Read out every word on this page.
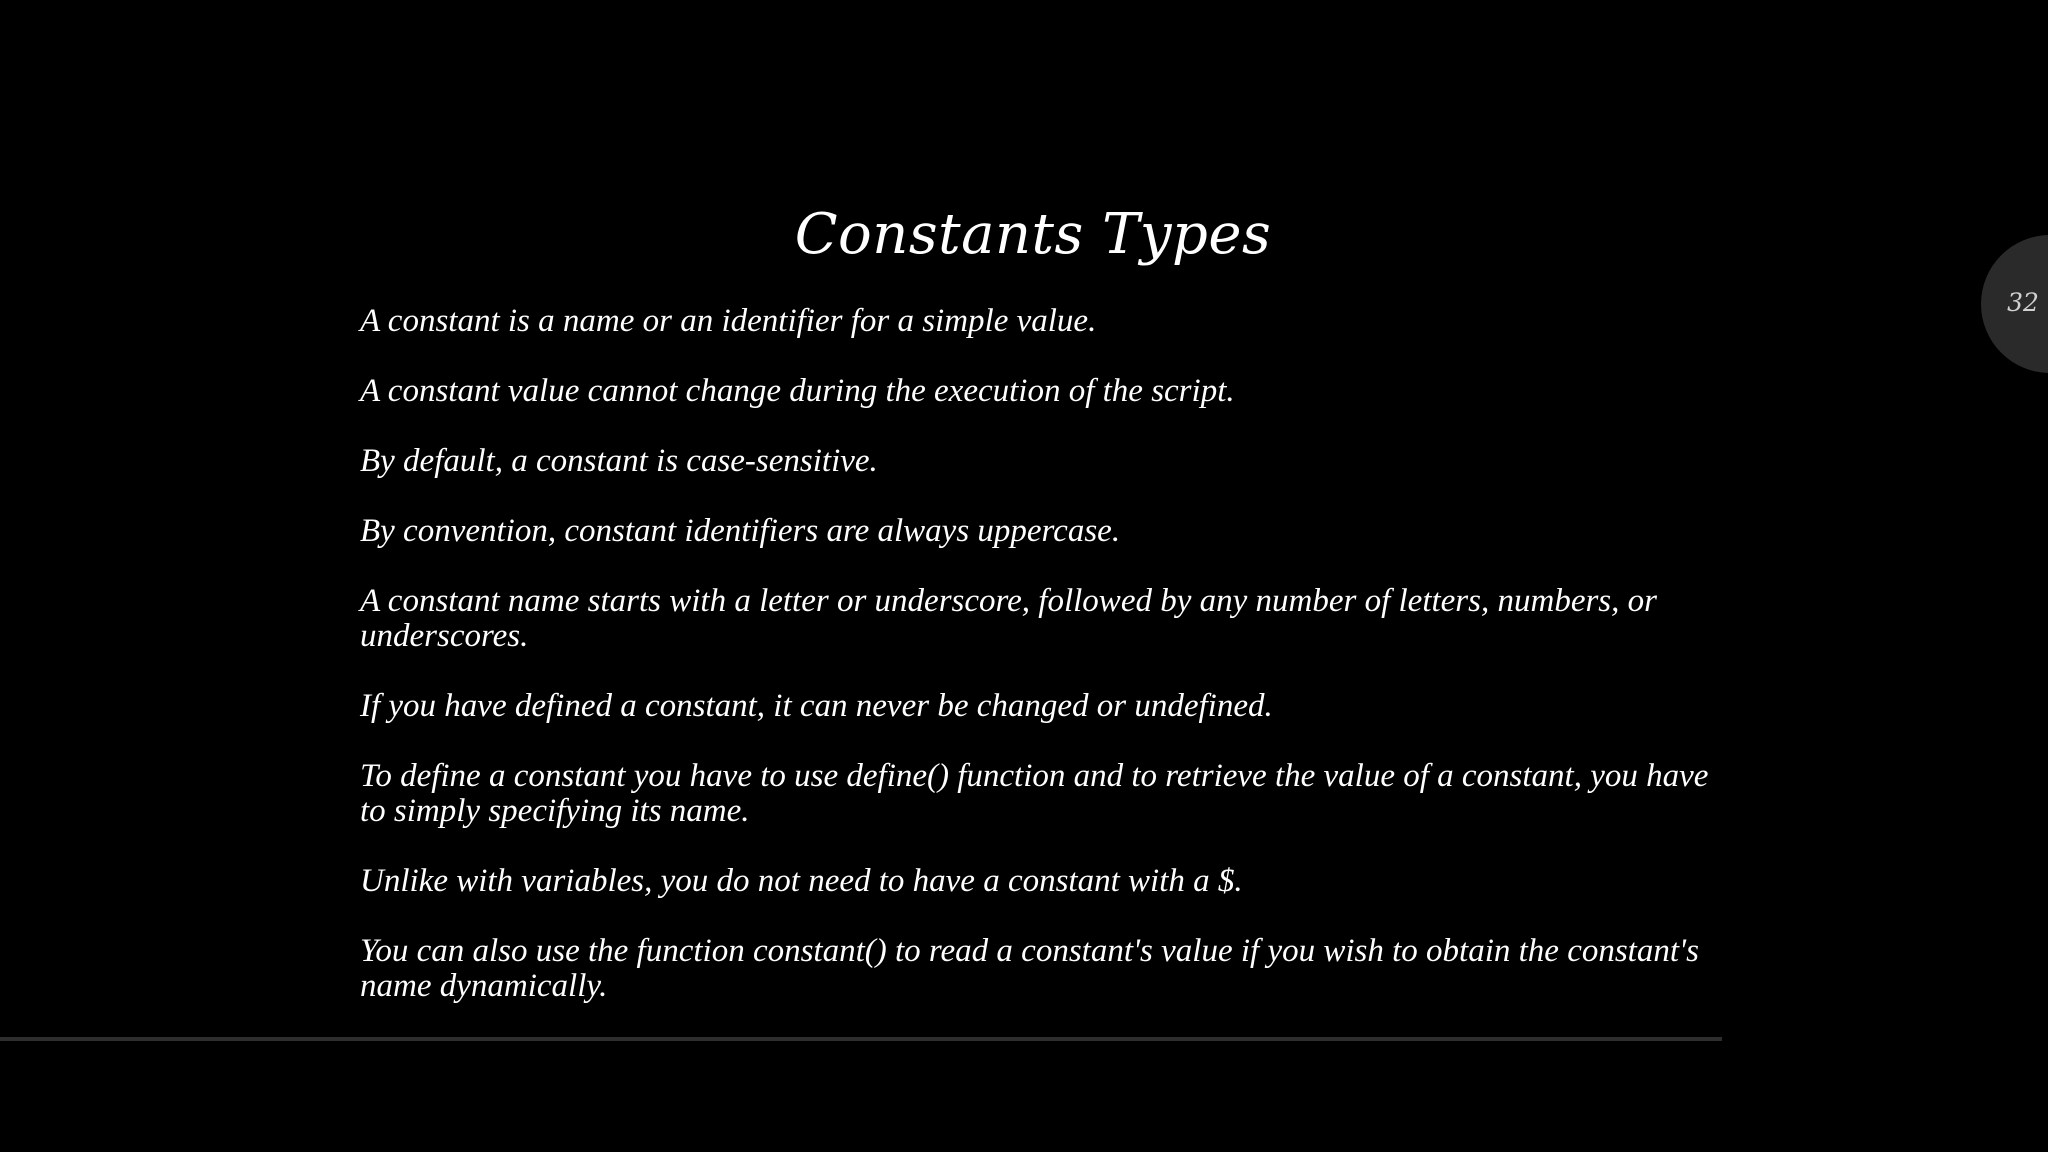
Constants Types
A constant is a name or an identifier for a simple value.
A constant value cannot change during the execution of the script.
By default, a constant is case-sensitive.
By convention, constant identifiers are always uppercase.
A constant name starts with a letter or underscore, followed by any number of letters, numbers, or underscores.
If you have defined a constant, it can never be changed or undefined.
To define a constant you have to use define() function and to retrieve the value of a constant, you have to simply specifying its name.
Unlike with variables, you do not need to have a constant with a $.
You can also use the function constant() to read a constant's value if you wish to obtain the constant's name dynamically.
32
